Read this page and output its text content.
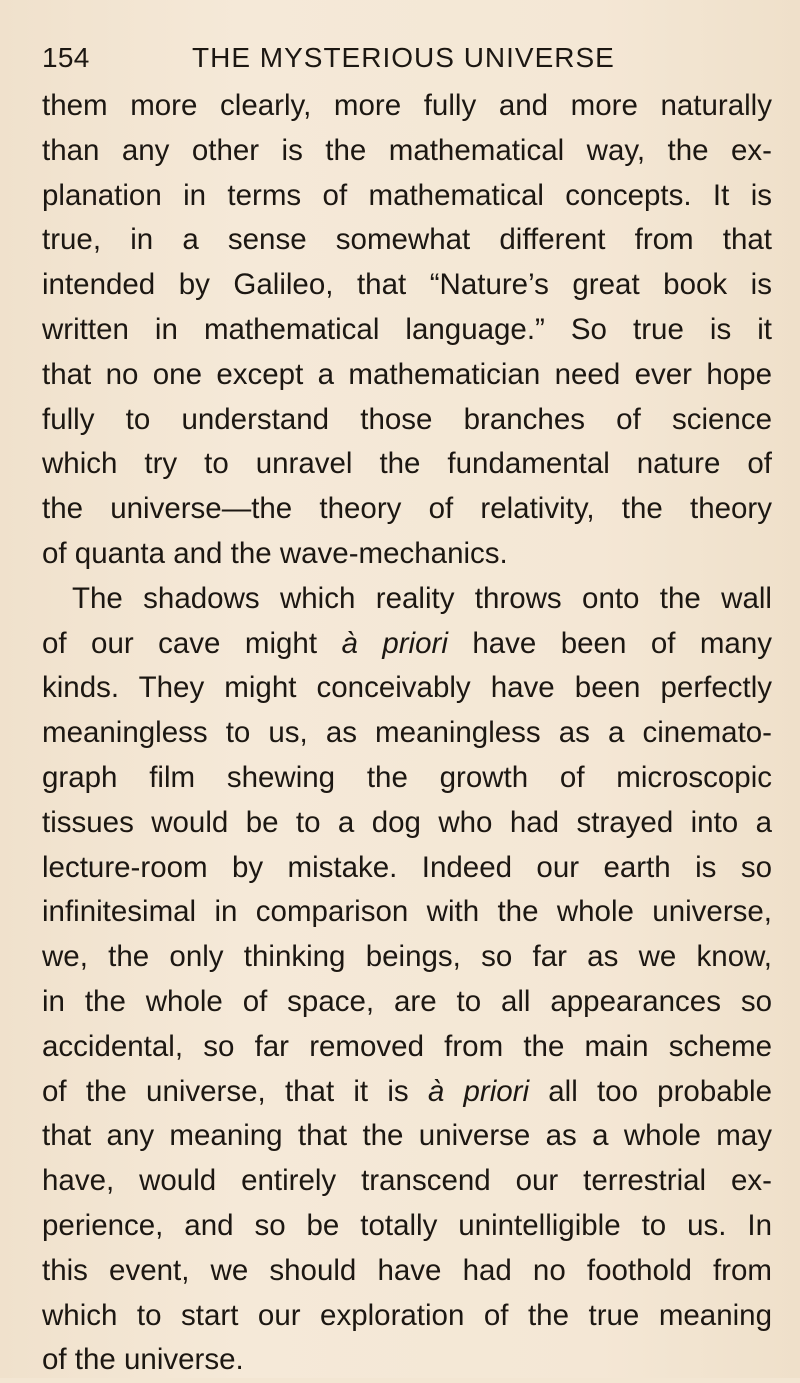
154	THE MYSTERIOUS UNIVERSE
them more clearly, more fully and more naturally
than any other is the mathematical way, the ex-
planation in terms of mathematical concepts. It is
true, in a sense somewhat different from that
intended by Galileo, that “Nature’s great book is
written in mathematical language.” So true is it
that no one except a mathematician need ever hope
fully to understand those branches of science
which try to unravel the fundamental nature of
the universe—the theory of relativity, the theory
of quanta and the wave-mechanics.
The shadows which reality throws onto the wall
of our cave might à priori have been of many
kinds. They might conceivably have been perfectly
meaningless to us, as meaningless as a cinemato-
graph film shewing the growth of microscopic
tissues would be to a dog who had strayed into a
lecture-room by mistake. Indeed our earth is so
infinitesimal in comparison with the whole universe,
we, the only thinking beings, so far as we know,
in the whole of space, are to all appearances so
accidental, so far removed from the main scheme
of the universe, that it is à priori all too probable
that any meaning that the universe as a whole may
have, would entirely transcend our terrestrial ex-
perience, and so be totally unintelligible to us. In
this event, we should have had no foothold from
which to start our exploration of the true meaning
of the universe.
